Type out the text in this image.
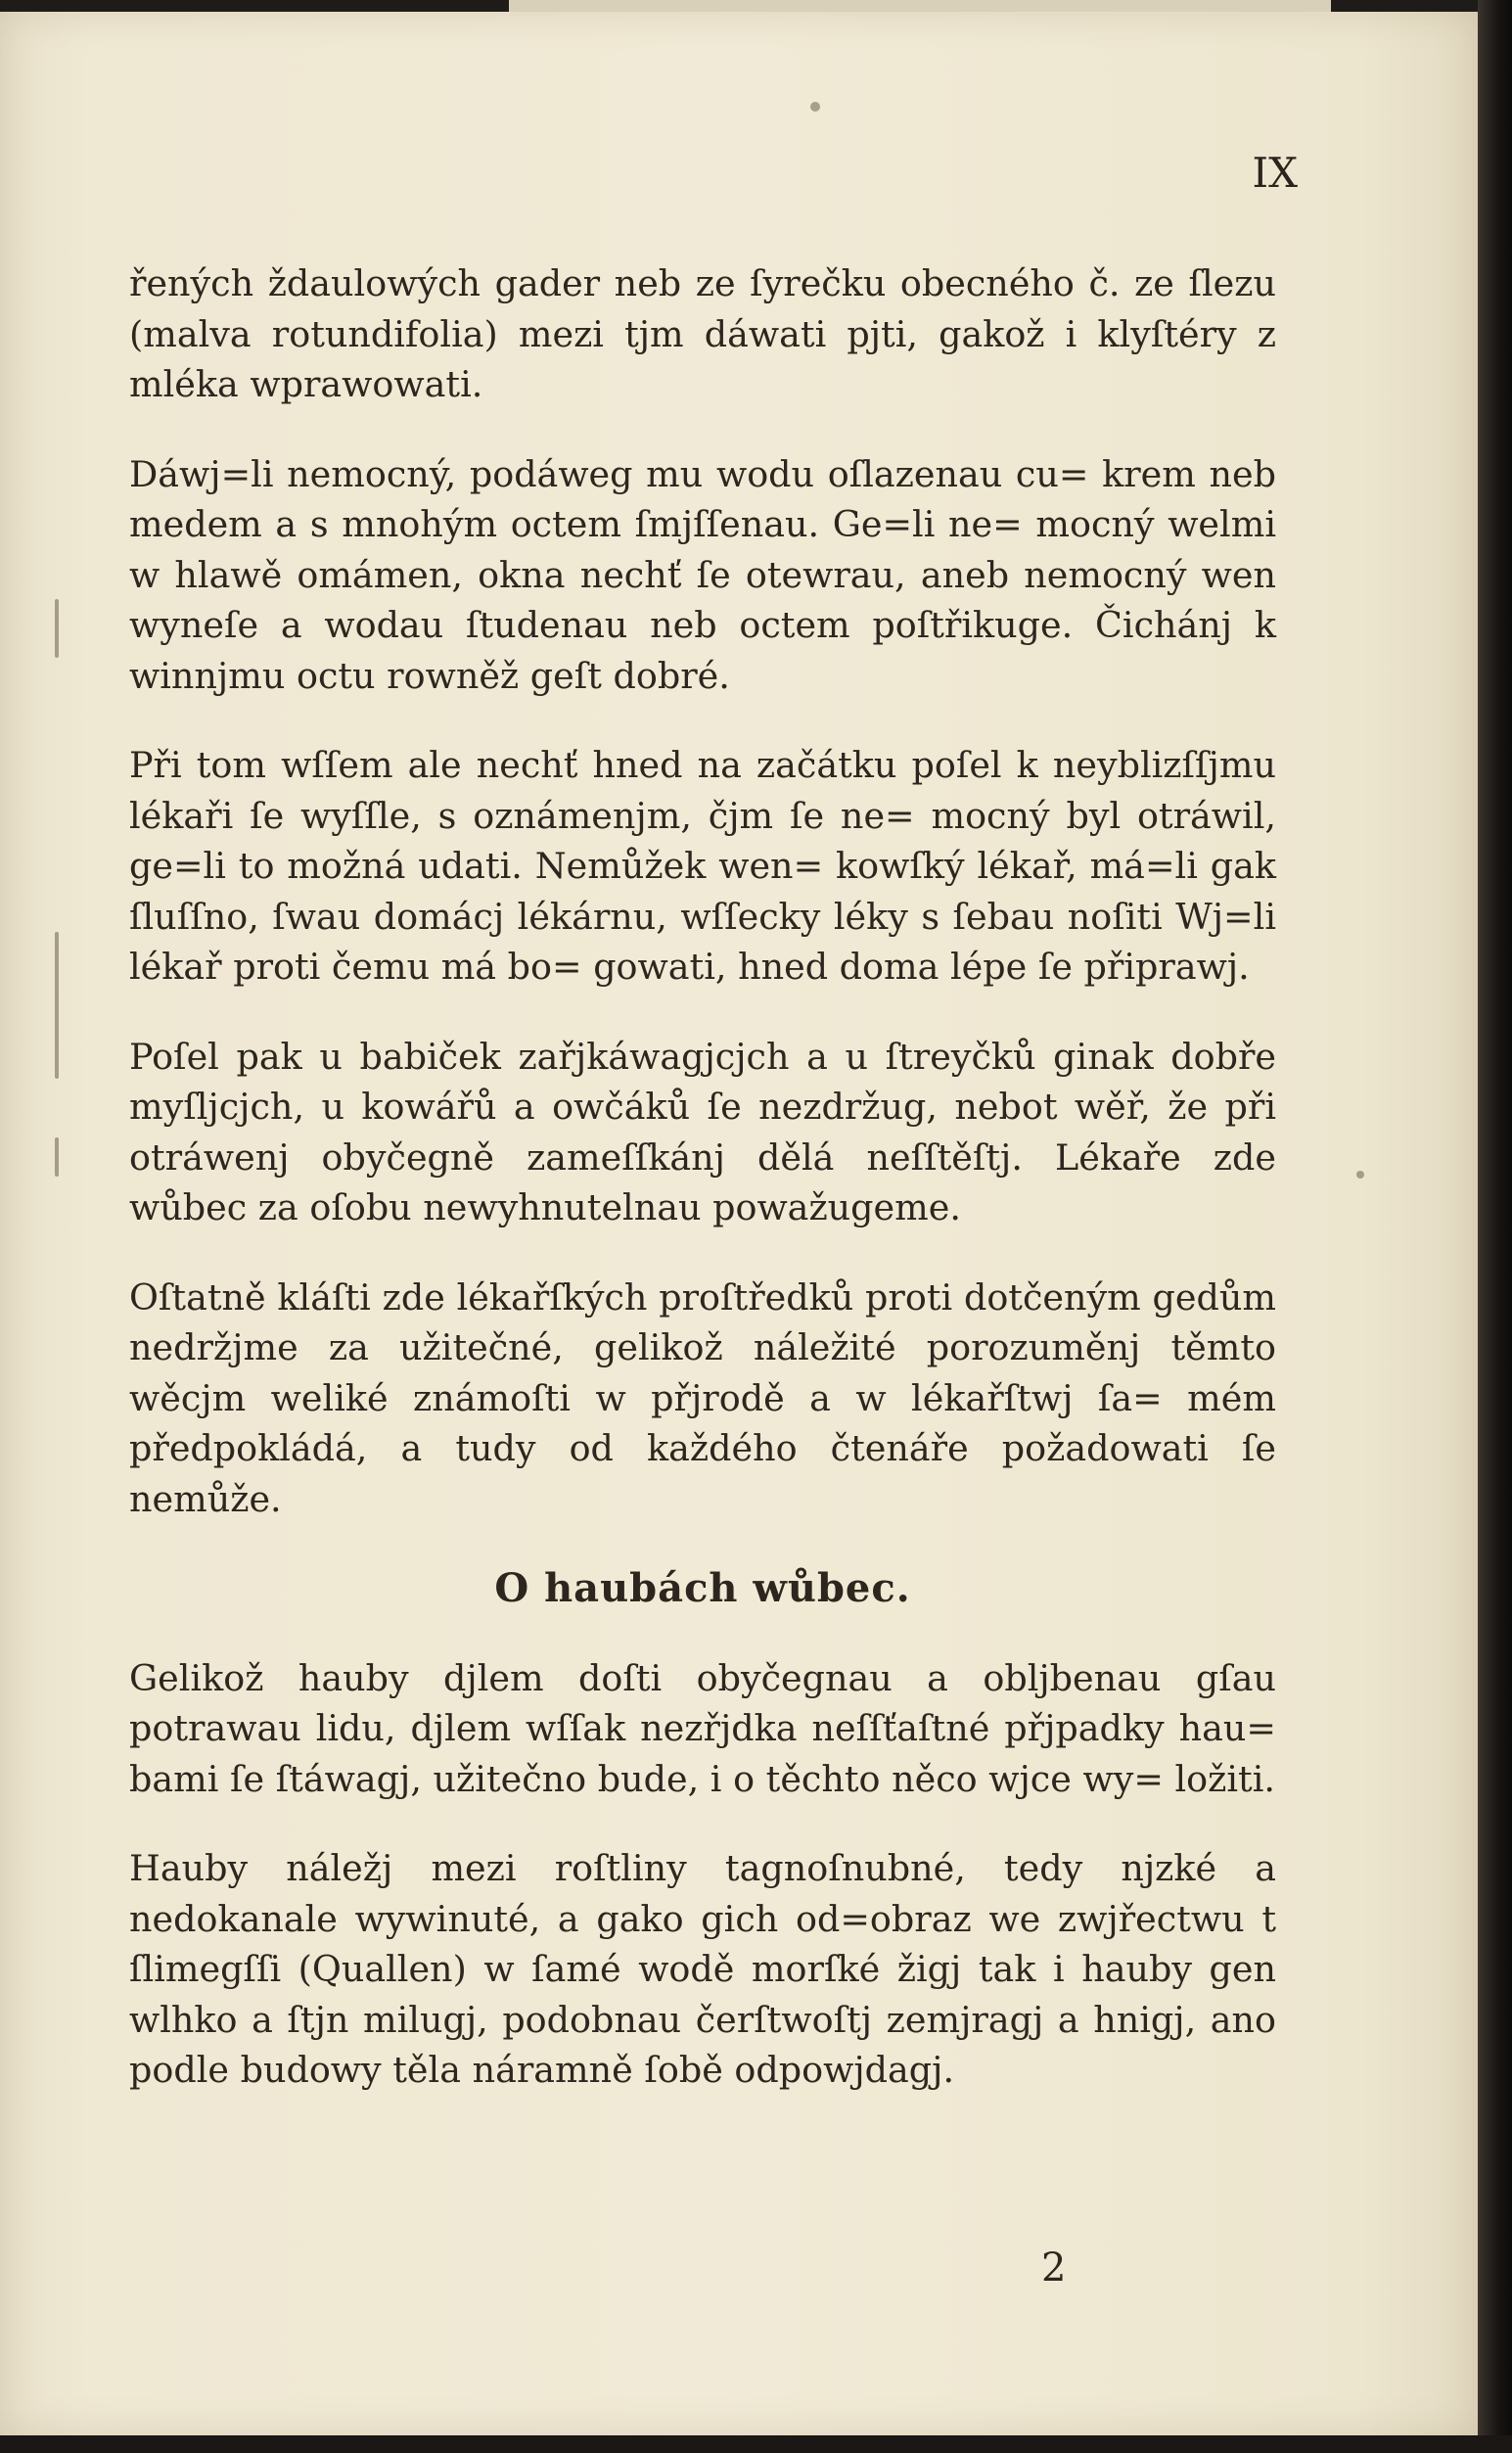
IX

řených ždaulowých gader neb ze ſyrečku obecného č. ze ſlezu (malva rotundifolia) mezi tjm dáwati pjti, gakož i klyſtéry z mléka wprawowati.

Dáwj=li nemocný, podáweg mu wodu oſlazenau cu= krem neb medem a s mnohým octem ſmjſſenau. Ge=li ne= mocný welmi w hlawě omámen, okna nechť ſe otewrau, aneb nemocný wen wyneſe a wodau ſtudenau neb octem poſtřikuge. Čichánj k winnjmu octu rowněž geſt dobré.

Při tom wſſem ale nechť hned na začátku poſel k neyblizſſjmu lékaři ſe wyſſle, s oznámenjm, čjm ſe ne= mocný byl otráwil, ge=li to možná udati. Nemůžek wen= kowſký lékař, má=li gak ſluſſno, ſwau domácj lékárnu, wſſecky léky s ſebau noſiti Wj=li lékař proti čemu má bo= gowati, hned doma lépe ſe připrawj.

Poſel pak u babiček zařjkáwagjcjch a u ſtreyčků ginak dobře myſljcjch, u kowářů a owčáků ſe nezdržug, nebot wěř, že při otráwenj obyčegně zameſſkánj dělá neſſtěſtj. Lékaře zde wůbec za oſobu newyhnutelnau powažugeme.

Oſtatně kláſti zde lékařſkých proſtředků proti dotčeným gedům nedržjme za užitečné, gelikož náležité porozuměnj těmto wěcjm weliké známoſti w přjrodě a w lékařſtwj ſa= mém předpokládá, a tudy od každého čtenáře požadowati ſe nemůže.

O haubách wůbec.

Gelikož hauby djlem doſti obyčegnau a obljbenau gſau potrawau lidu, djlem wſſak nezřjdka neſſťaſtné přjpadky hau= bami ſe ſtáwagj, užitečno bude, i o těchto něco wjce wy= ložiti.

Hauby náležj mezi roſtliny tagnoſnubné, tedy njzké a nedokanale wywinuté, a gako gich od=obraz we zwjřectwu t ſlimegſſi (Quallen) w ſamé wodě morſké žigj tak i hauby gen wlhko a ſtjn milugj, podobnau čerſtwoſtj zemjragj a hnigj, ano podle budowy těla náramně ſobě odpowjdagj.

2
